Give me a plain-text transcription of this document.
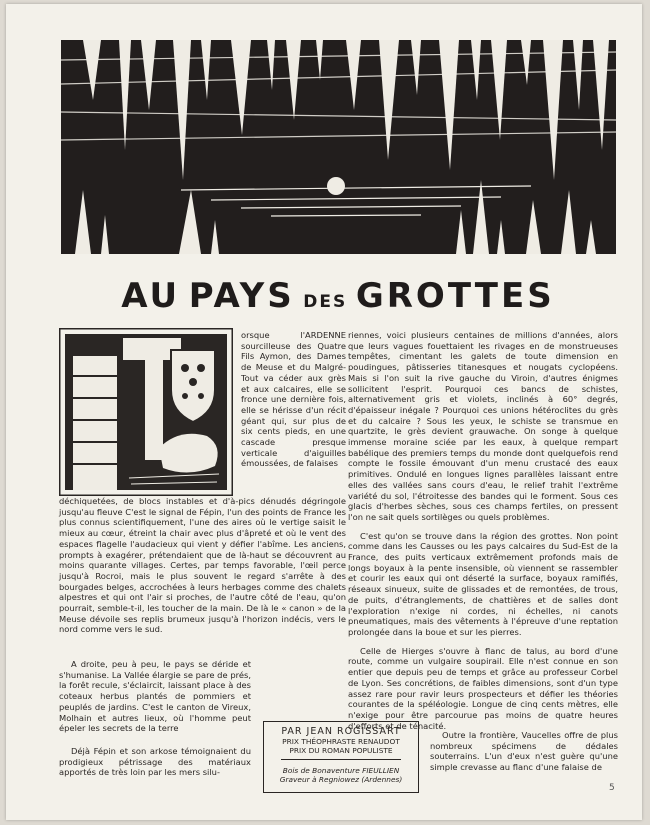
AU PAYS DES GROTTES
orsque l'ARDENNE sourcilleuse des Quatre Fils Aymon, des Dames de Meuse et du Malgré-Tout va céder aux grès et aux calcaires, elle se fronce une dernière fois, elle se hérisse d'un récit géant qui, sur plus de six cents pieds, en une cascade presque verticale d'aiguilles émoussées, de falaises

déchiquetées, de blocs instables et d'à-pics dénudés dégringole jusqu'au fleuve C'est le signal de Fépin, l'un des points de France les plus connus scientifiquement, l'une des aires où le vertige saisit le mieux au cœur, étreint la chair avec plus d'âpreté et où le vent des espaces flagelle l'audacieux qui vient y défier l'abîme. Les anciens, prompts à exagérer, prétendaient que de là-haut se découvrent au moins quarante villages. Certes, par temps favorable, l'œil perce jusqu'à Rocroi, mais le plus souvent le regard s'arrête à des bourgades belges, accrochées à leurs herbages comme des chalets alpestres et qui ont l'air si proches, de l'autre côté de l'eau, qu'on pourrait, semble-t-il, les toucher de la main. De là le « canon » de la Meuse dévoile ses replis brumeux jusqu'à l'horizon indécis, vers le nord comme vers le sud.

A droite, peu à peu, le pays se déride et s'humanise. La Vallée élargie se pare de prés, la forêt recule, s'éclaircit, laissant place à des coteaux herbus plantés de pommiers et peuplés de jardins. C'est le canton de Vireux, Molhain et autres lieux, où l'homme peut épeler les secrets de la terre

Déjà Fépin et son arkose témoignaient du prodigieux pétrissage des matériaux apportés de très loin par les mers silu-

riennes, voici plusieurs centaines de millions d'années, alors que leurs vagues fouettaient les rivages en de monstrueuses tempêtes, cimentant les galets de toute dimension en poudingues, pâtisseries titanesques et nougats cyclopéens. Mais si l'on suit la rive gauche du Viroin, d'autres énigmes sollicitent l'esprit. Pourquoi ces bancs de schistes, alternativement gris et violets, inclinés à 60° degrés, d'épaisseur inégale ? Pourquoi ces unions hétéroclites du grès et du calcaire ? Sous les yeux, le schiste se transmue en quartzite, le grès devient grauwache. On songe à quelque immense moraine sciée par les eaux, à quelque rempart babélique des premiers temps du monde dont quelquefois rend compte le fossile émouvant d'un menu crustacé des eaux primitives. Ondulé en longues lignes parallèles laissant entre elles des vallées sans cours d'eau, le relief trahit l'extrême variété du sol, l'étroitesse des bandes qui le forment. Sous ces glacis d'herbes sèches, sous ces champs fertiles, on pressent l'on ne sait quels sortilèges ou quels problèmes.

C'est qu'on se trouve dans la région des grottes. Non point comme dans les Causses ou les pays calcaires du Sud-Est de la France, des puits verticaux extrêmement profonds mais de longs boyaux à la pente insensible, où viennent se rassembler et courir les eaux qui ont déserté la surface, boyaux ramifiés, réseaux sinueux, suite de glissades et de remontées, de trous, de puits, d'étranglements, de chattières et de salles dont l'exploration n'exige ni cordes, ni échelles, ni canots pneumatiques, mais des vêtements à l'épreuve d'une reptation prolongée dans la boue et sur les pierres.

Celle de Hierges s'ouvre à flanc de talus, au bord d'une route, comme un vulgaire soupirail. Elle n'est connue en son entier que depuis peu de temps et grâce au professeur Corbel de Lyon. Ses concrétions, de faibles dimensions, sont d'un type assez rare pour ravir leurs prospecteurs et défier les théories courantes de la spéléologie. Longue de cinq cents mètres, elle n'exige pour être parcourue pas moins de quatre heures d'efforts et de ténacité.

Outre la frontière, Vaucelles offre de plus nombreux spécimens de dédales souterrains. L'un d'eux n'est guère qu'une simple crevasse au flanc d'une falaise de

PAR JEAN ROGISSART
PRIX THÉOPHRASTE RENAUDOT
PRIX DU ROMAN POPULISTE
Bois de Bonaventure FIEULLIEN
Graveur à Regniowez (Ardennes)
5
